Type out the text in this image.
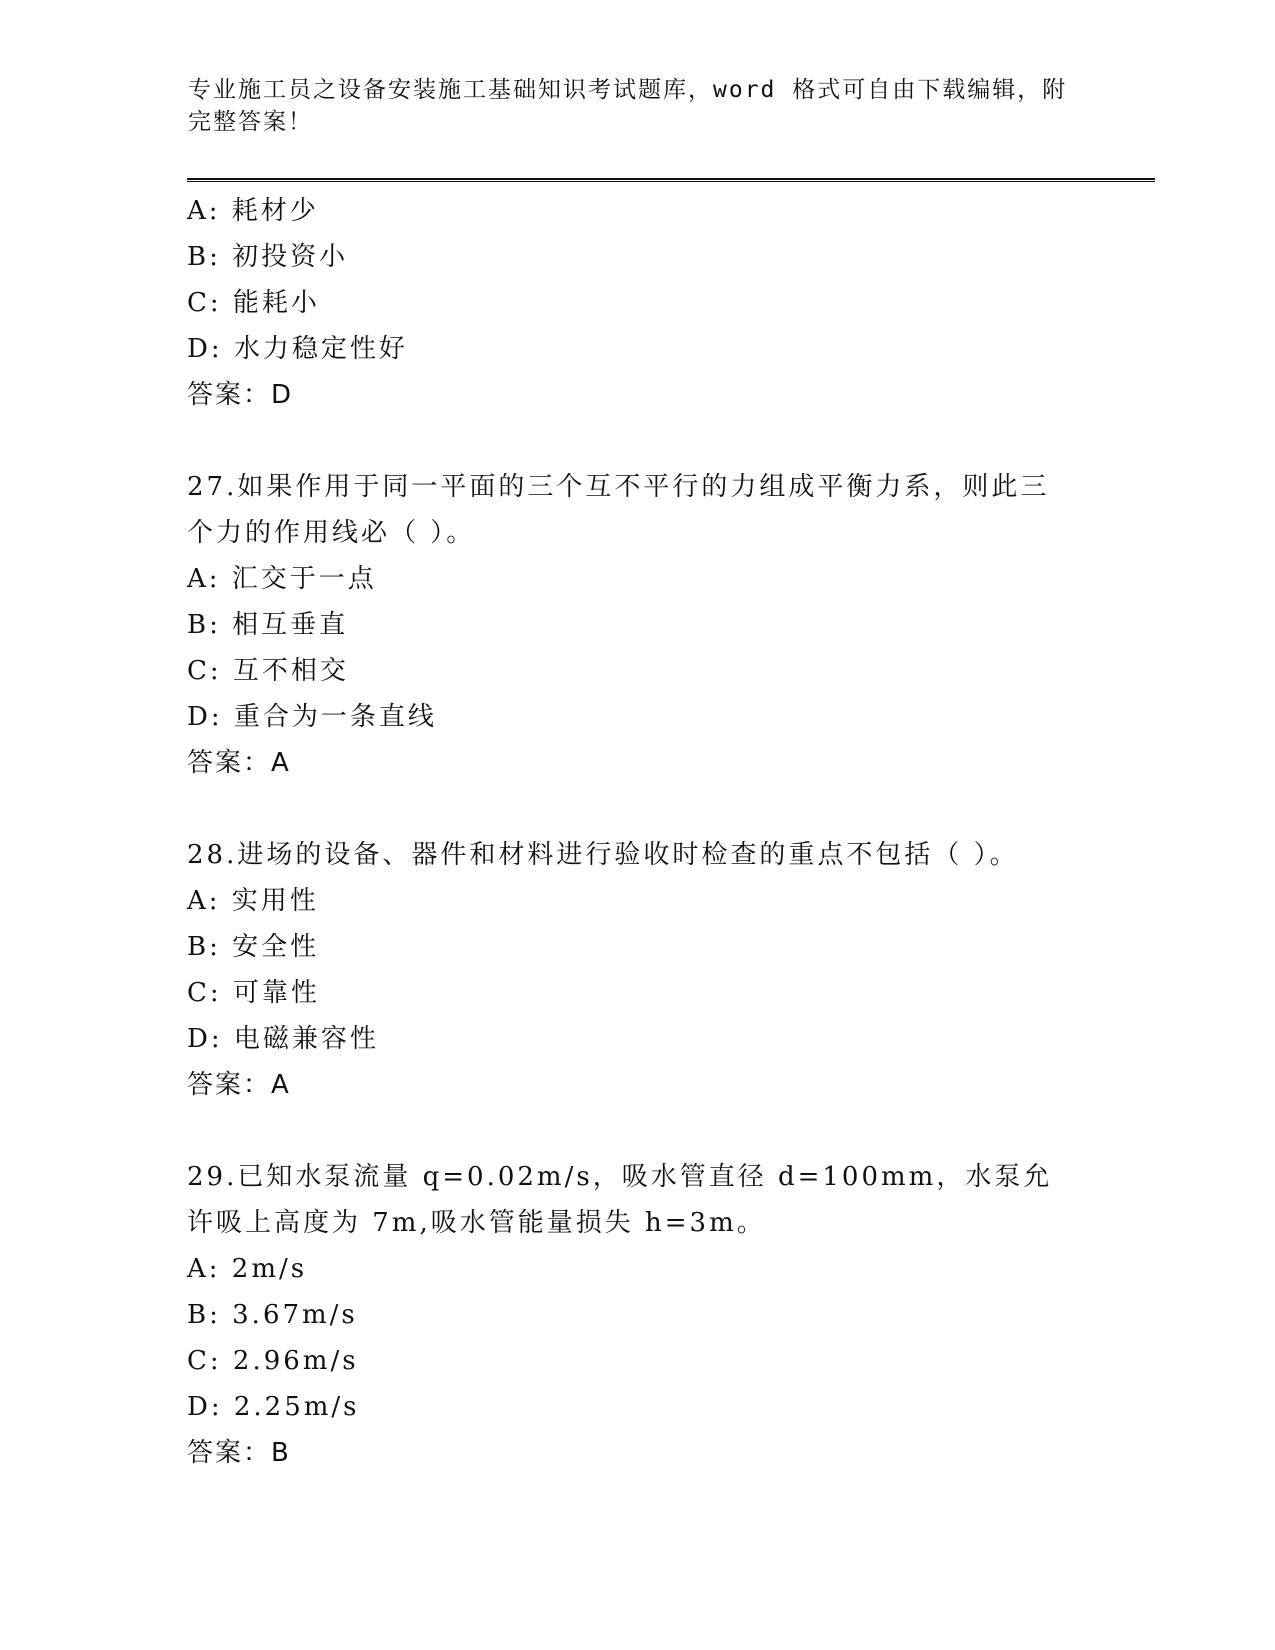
专业施工员之设备安装施工基础知识考试题库，word 格式可自由下载编辑，附完整答案！
A: 耗材少
B: 初投资小
C: 能耗小
D: 水力稳定性好
答案：D
27.如果作用于同一平面的三个互不平行的力组成平衡力系，则此三个力的作用线必（ ）。
A: 汇交于一点
B: 相互垂直
C: 互不相交
D: 重合为一条直线
答案：A
28.进场的设备、器件和材料进行验收时检查的重点不包括（ ）。
A: 实用性
B: 安全性
C: 可靠性
D: 电磁兼容性
答案：A
29.已知水泵流量 q=0.02m/s，吸水管直径 d=100mm，水泵允许吸上高度为 7m,吸水管能量损失 h=3m。
A: 2m/s
B: 3.67m/s
C: 2.96m/s
D: 2.25m/s
答案：B
